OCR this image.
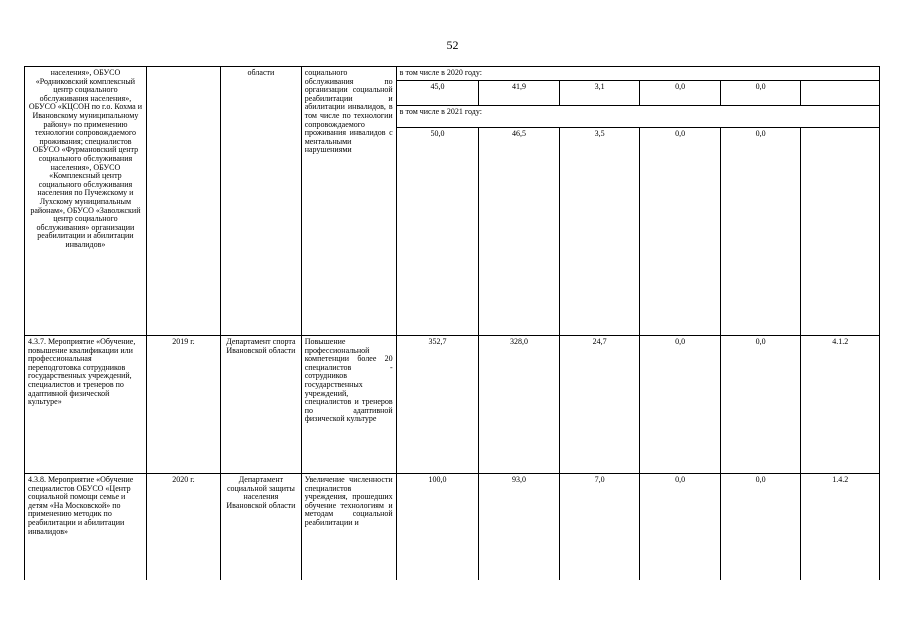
52
населения», ОБУСО «Родниковский комплексный центр социального обслуживания населения», ОБУСО «КЦСОН по г.о. Кохма и Ивановскому муниципальному району» по применению технологии сопровождаемого проживания; специалистов ОБУСО «Фурмановский центр социального обслуживания населения», ОБУСО «Комплексный центр социального обслуживания населения по Пучежскому и Лухскому муниципальным районам», ОБУСО «Заволжский центр социального обслуживания» организации реабилитации и абилитации инвалидов»		области	социального обслуживания по организации социальной реабилитации и абилитации инвалидов, в том числе по технологии сопровождаемого проживания инвалидов с ментальными нарушениями	в том числе в 2020 году:					
				45,0	41,9	3,1	0,0	0,0	
				в том числе в 2021 году:					
				50,0	46,5	3,5	0,0	0,0	
4.3.7. Мероприятие «Обучение, повышение квалификации или профессиональная переподготовка сотрудников государственных учреждений, специалистов и тренеров по адаптивной физической культуре»	2019 г.	Департамент спорта Ивановской области	Повышение профессиональной компетенции более 20 специалистов - сотрудников государственных учреждений, специалистов и тренеров по адаптивной физической культуре	352,7	328,0	24,7	0,0	0,0	4.1.2
4.3.8. Мероприятие «Обучение специалистов ОБУСО «Центр социальной помощи семье и детям «На Московской» по применению методик по реабилитации и абилитации инвалидов»	2020 г.	Департамент социальной защиты населения Ивановской области	Увеличение численности специалистов учреждения, прошедших обучение технологиям и методам социальной реабилитации и	100,0	93,0	7,0	0,0	0,0	1.4.2
